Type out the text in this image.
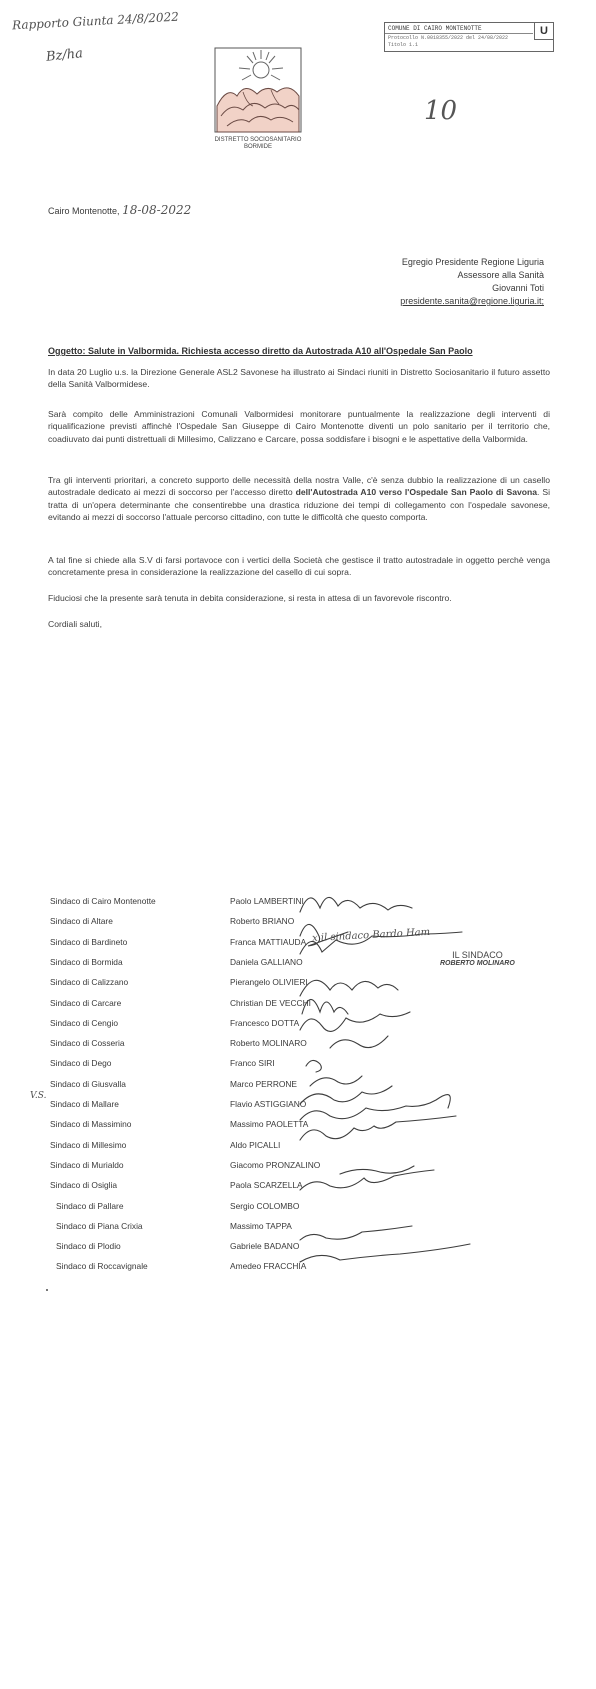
Rapporto Giunta 24/8/2022
Bz/ha
COMUNE DI CAIRO MONTENOTTE	U
Protocollo N.0018355/2022 del 24/08/2022
Titolo 1.1
DISTRETTO SOCIOSANITARIO
BORMIDE
10
Cairo Montenotte, 18-08-2022
Egregio Presidente Regione Liguria
Assessore alla Sanità
Giovanni Toti
presidente.sanita@regione.liguria.it;
Oggetto: Salute in Valbormida. Richiesta accesso diretto da Autostrada A10 all'Ospedale San Paolo
In data 20 Luglio u.s. la Direzione Generale ASL2 Savonese ha illustrato ai Sindaci riuniti in Distretto Sociosanitario il futuro assetto della Sanità Valbormidese.
Sarà compito delle Amministrazioni Comunali Valbormidesi monitorare puntualmente la realizzazione degli interventi di riqualificazione previsti affinchè l'Ospedale San Giuseppe di Cairo Montenotte diventi un polo sanitario per il territorio che, coadiuvato dai punti distrettuali di Millesimo, Calizzano e Carcare, possa soddisfare i bisogni e le aspettative della Valbormida.
Tra gli interventi prioritari, a concreto supporto delle necessità della nostra Valle, c'è senza dubbio la realizzazione di un casello autostradale dedicato ai mezzi di soccorso per l'accesso diretto dell'Autostrada A10 verso l'Ospedale San Paolo di Savona. Si tratta di un'opera determinante che consentirebbe una drastica riduzione dei tempi di collegamento con l'ospedale savonese, evitando ai mezzi di soccorso l'attuale percorso cittadino, con tutte le difficoltà che questo comporta.
A tal fine si chiede alla S.V di farsi portavoce con i vertici della Società che gestisce il tratto autostradale in oggetto perchè venga concretamente presa in considerazione la realizzazione del casello di cui sopra.
Fiduciosi che la presente sarà tenuta in debita considerazione, si resta in attesa di un favorevole riscontro.
Cordiali saluti,
Sindaco di Cairo Montenotte	Paolo LAMBERTINI
Sindaco di Altare	Roberto BRIANO
Sindaco di Bardineto	Franca MATTIAUDA
Sindaco di Bormida	Daniela GALLIANO
Sindaco di Calizzano	Pierangelo OLIVIERI
Sindaco di Carcare	Christian DE VECCHI
Sindaco di Cengio	Francesco DOTTA
Sindaco di Cosseria	Roberto MOLINARO
Sindaco di Dego	Franco SIRI
Sindaco di Giusvalla	Marco PERRONE
Sindaco di Mallare	Flavio ASTIGGIANO
Sindaco di Massimino	Massimo PAOLETTA
Sindaco di Millesimo	Aldo PICALLI
Sindaco di Murialdo	Giacomo PRONZALINO
Sindaco di Osiglia	Paola SCARZELLA
Sindaco di Pallare	Sergio COLOMBO
Sindaco di Piana Crixia	Massimo TAPPA
Sindaco di Plodio	Gabriele BADANO
Sindaco di Roccavignale	Amedeo FRACCHIA
V.S.
x il sindaco Bardo Ham
IL SINDACO
ROBERTO MOLINARO
